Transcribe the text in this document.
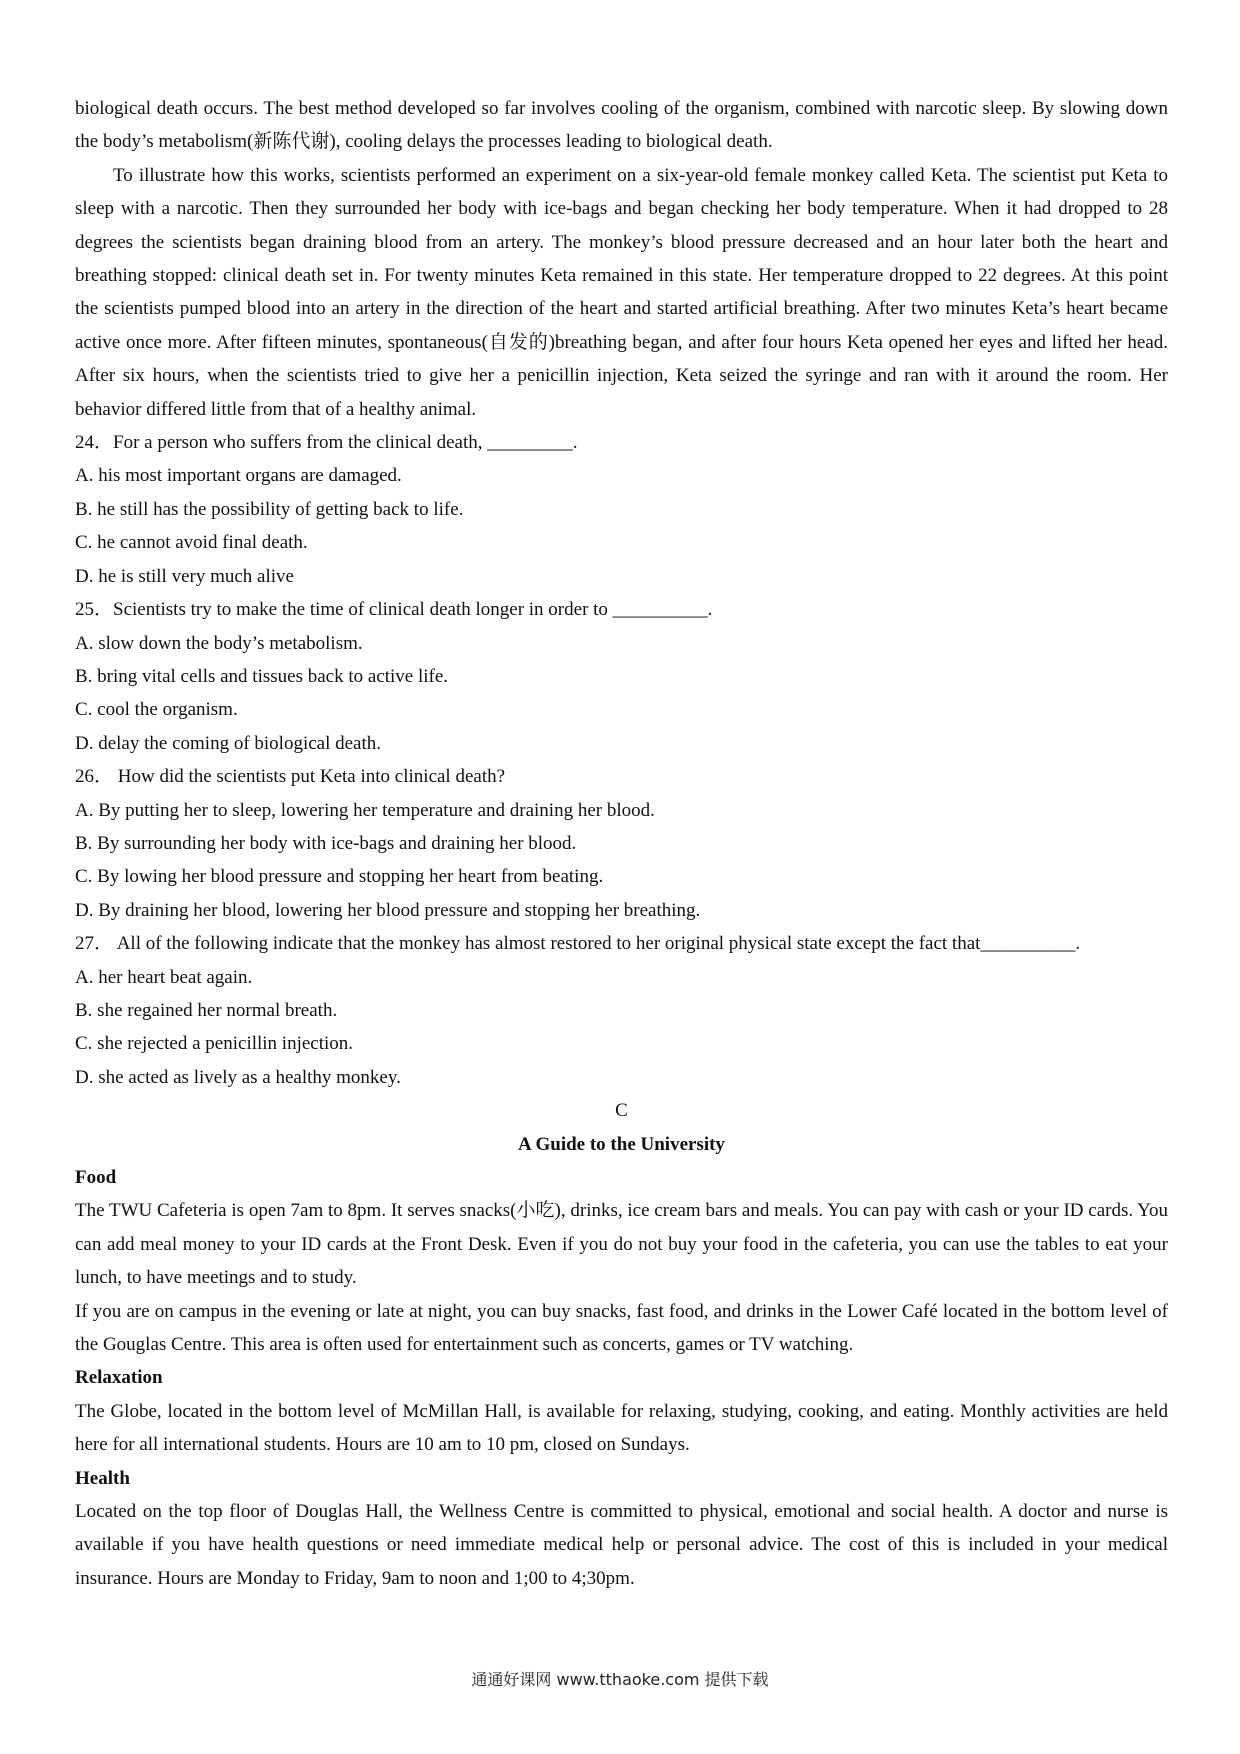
biological death occurs. The best method developed so far involves cooling of the organism, combined with narcotic sleep. By slowing down the body’s metabolism(新陈代谢), cooling delays the processes leading to biological death.

To illustrate how this works, scientists performed an experiment on a six-year-old female monkey called Keta. The scientist put Keta to sleep with a narcotic. Then they surrounded her body with ice-bags and began checking her body temperature. When it had dropped to 28 degrees the scientists began draining blood from an artery. The monkey’s blood pressure decreased and an hour later both the heart and breathing stopped: clinical death set in. For twenty minutes Keta remained in this state. Her temperature dropped to 22 degrees. At this point the scientists pumped blood into an artery in the direction of the heart and started artificial breathing. After two minutes Keta’s heart became active once more. After fifteen minutes, spontaneous(自发的)breathing began, and after four hours Keta opened her eyes and lifted her head. After six hours, when the scientists tried to give her a penicillin injection, Keta seized the syringe and ran with it around the room. Her behavior differed little from that of a healthy animal.

24．For a person who suffers from the clinical death, _________.

A. his most important organs are damaged.

B. he still has the possibility of getting back to life.

C. he cannot avoid final death.

D. he is still very much alive

25．Scientists try to make the time of clinical death longer in order to __________.

A. slow down the body’s metabolism.

B. bring vital cells and tissues back to active life.

C. cool the organism.

D. delay the coming of biological death.

26． How did the scientists put Keta into clinical death?

A. By putting her to sleep, lowering her temperature and draining her blood.

B. By surrounding her body with ice-bags and draining her blood.

C. By lowing her blood pressure and stopping her heart from beating.

D. By draining her blood, lowering her blood pressure and stopping her breathing.

27． All of the following indicate that the monkey has almost restored to her original physical state except the fact that__________.

A. her heart beat again.

B. she regained her normal breath.

C. she rejected a penicillin injection.

D. she acted as lively as a healthy monkey.

C

A Guide to the University

Food

The TWU Cafeteria is open 7am to 8pm. It serves snacks(小吃), drinks, ice cream bars and meals. You can pay with cash or your ID cards. You can add meal money to your ID cards at the Front Desk. Even if you do not buy your food in the cafeteria, you can use the tables to eat your lunch, to have meetings and to study.

If you are on campus in the evening or late at night, you can buy snacks, fast food, and drinks in the Lower Café located in the bottom level of the Gouglas Centre. This area is often used for entertainment such as concerts, games or TV watching.

Relaxation

The Globe, located in the bottom level of McMillan Hall, is available for relaxing, studying, cooking, and eating. Monthly activities are held here for all international students. Hours are 10 am to 10 pm, closed on Sundays.

Health

Located on the top floor of Douglas Hall, the Wellness Centre is committed to physical, emotional and social health. A doctor and nurse is available if you have health questions or need immediate medical help or personal advice. The cost of this is included in your medical insurance. Hours are Monday to Friday, 9am to noon and 1;00 to 4;30pm.

通通好课网 www.tthaoke.com 提供下载
